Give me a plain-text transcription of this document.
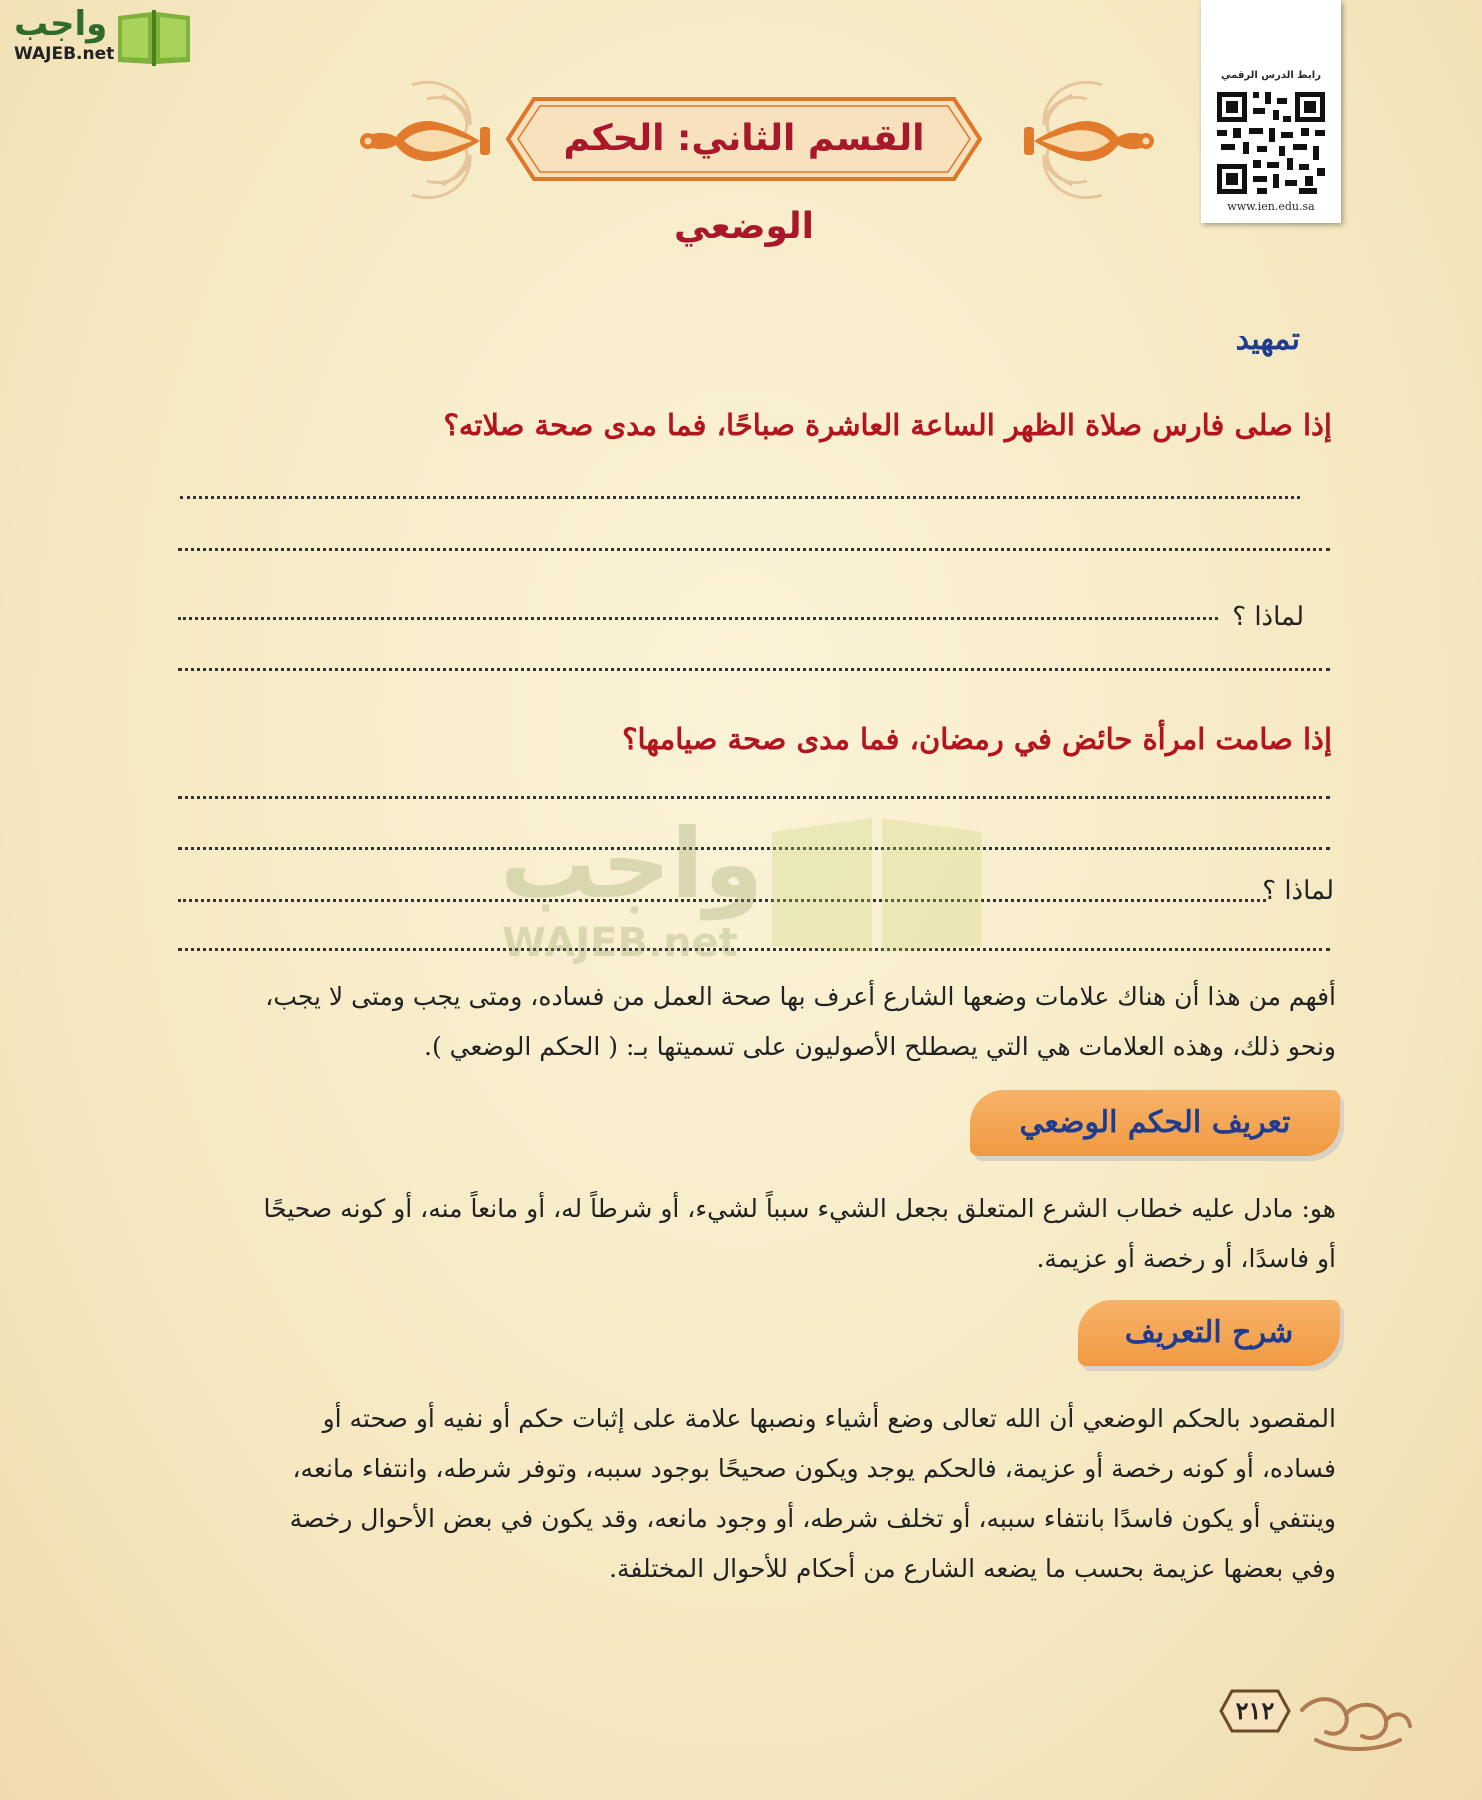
واجب
WAJEB.net
رابط الدرس الرقمي
www.ien.edu.sa
القسم الثاني: الحكم الوضعي
تمهيد
إذا صلى فارس صلاة الظهر الساعة العاشرة صباحًا، فما مدى صحة صلاته؟
لماذا ؟
إذا صامت امرأة حائض في رمضان، فما مدى صحة صيامها؟
لماذا ؟
واجب
WAJEB.net
أفهم من هذا أن هناك علامات وضعها الشارع أعرف بها صحة العمل من فساده، ومتى يجب ومتى لا يجب،
ونحو ذلك، وهذه العلامات هي التي يصطلح الأصوليون على تسميتها بـ: ( الحكم الوضعي ).
تعريف الحكم الوضعي
هو: مادل عليه خطاب الشرع المتعلق بجعل الشيء سبباً لشيء، أو شرطاً له، أو مانعاً منه، أو كونه صحيحًا
أو فاسدًا، أو رخصة أو عزيمة.
شرح التعريف
المقصود بالحكم الوضعي أن الله تعالى وضع أشياء ونصبها علامة على إثبات حكم أو نفيه أو صحته أو
فساده، أو كونه رخصة أو عزيمة، فالحكم يوجد ويكون صحيحًا بوجود سببه، وتوفر شرطه، وانتفاء مانعه،
وينتفي أو يكون فاسدًا بانتفاء سببه، أو تخلف شرطه، أو وجود مانعه، وقد يكون في بعض الأحوال رخصة
وفي بعضها عزيمة بحسب ما يضعه الشارع من أحكام للأحوال المختلفة.
٢١٢
